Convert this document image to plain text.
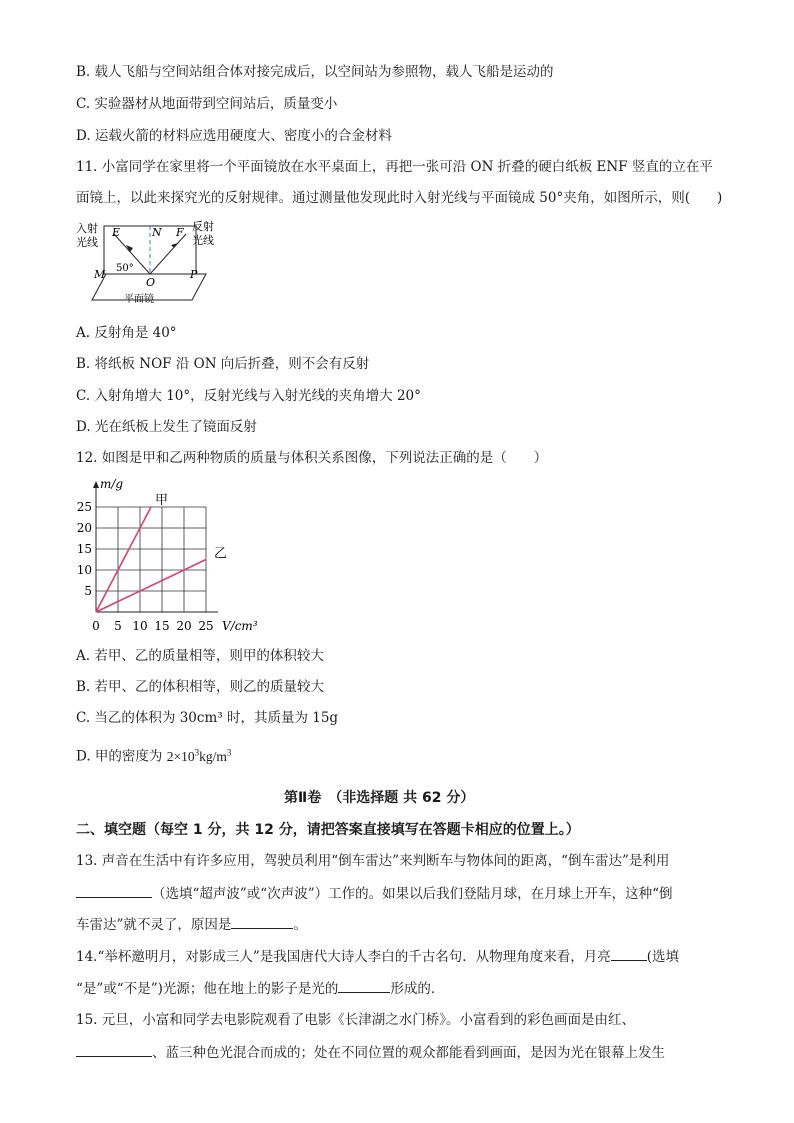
B. 载人飞船与空间站组合体对接完成后，以空间站为参照物，载人飞船是运动的
C. 实验器材从地面带到空间站后，质量变小
D. 运载火箭的材料应选用硬度大、密度小的合金材料
11. 小富同学在家里将一个平面镜放在水平桌面上，再把一张可沿 ON 折叠的硬白纸板 ENF 竖直的立在平
面镜上，以此来探究光的反射规律。通过测量他发现此时入射光线与平面镜成 50°夹角，如图所示，则(　　)
入射
光线
反射
光线
E	N F
M
O
P
50°
平面镜
A. 反射角是 40°
B. 将纸板 NOF 沿 ON 向后折叠，则不会有反射
C. 入射角增大 10°，反射光线与入射光线的夹角增大 20°
D. 光在纸板上发生了镜面反射
12. 如图是甲和乙两种物质的质量与体积关系图像，下列说法正确的是（　　）
5
10
15
20
25
0 5 10 15 20 25
m/g
V/cm³
甲
乙
A. 若甲、乙的质量相等，则甲的体积较大
B. 若甲、乙的体积相等，则乙的质量较大
C. 当乙的体积为 30cm³ 时，其质量为 15g
D. 甲的密度为 $2\times 10^3kg/m^3$
第Ⅱ卷　（非选择题 共 62 分）
二、填空题（每空 1 分，共 12 分，请把答案直接填写在答题卡相应的位置上。）
13. 声音在生活中有许多应用，驾驶员利用“倒车雷达”来判断车与物体间的距离，“倒车雷达”是利用
（选填“超声波”或“次声波”）工作的。如果以后我们登陆月球，在月球上开车，这种“倒
车雷达”就不灵了，原因是	。
14.“举杯邀明月，对影成三人”是我国唐代大诗人李白的千古名句．从物理角度来看，月亮	(选填
“是”或“不是”)光源；他在地上的影子是光的	形成的．
15. 元旦，小富和同学去电影院观看了电影《长津湖之水门桥》。小富看到的彩色画面是由红、
、蓝三种色光混合而成的；处在不同位置的观众都能看到画面，是因为光在银幕上发生
